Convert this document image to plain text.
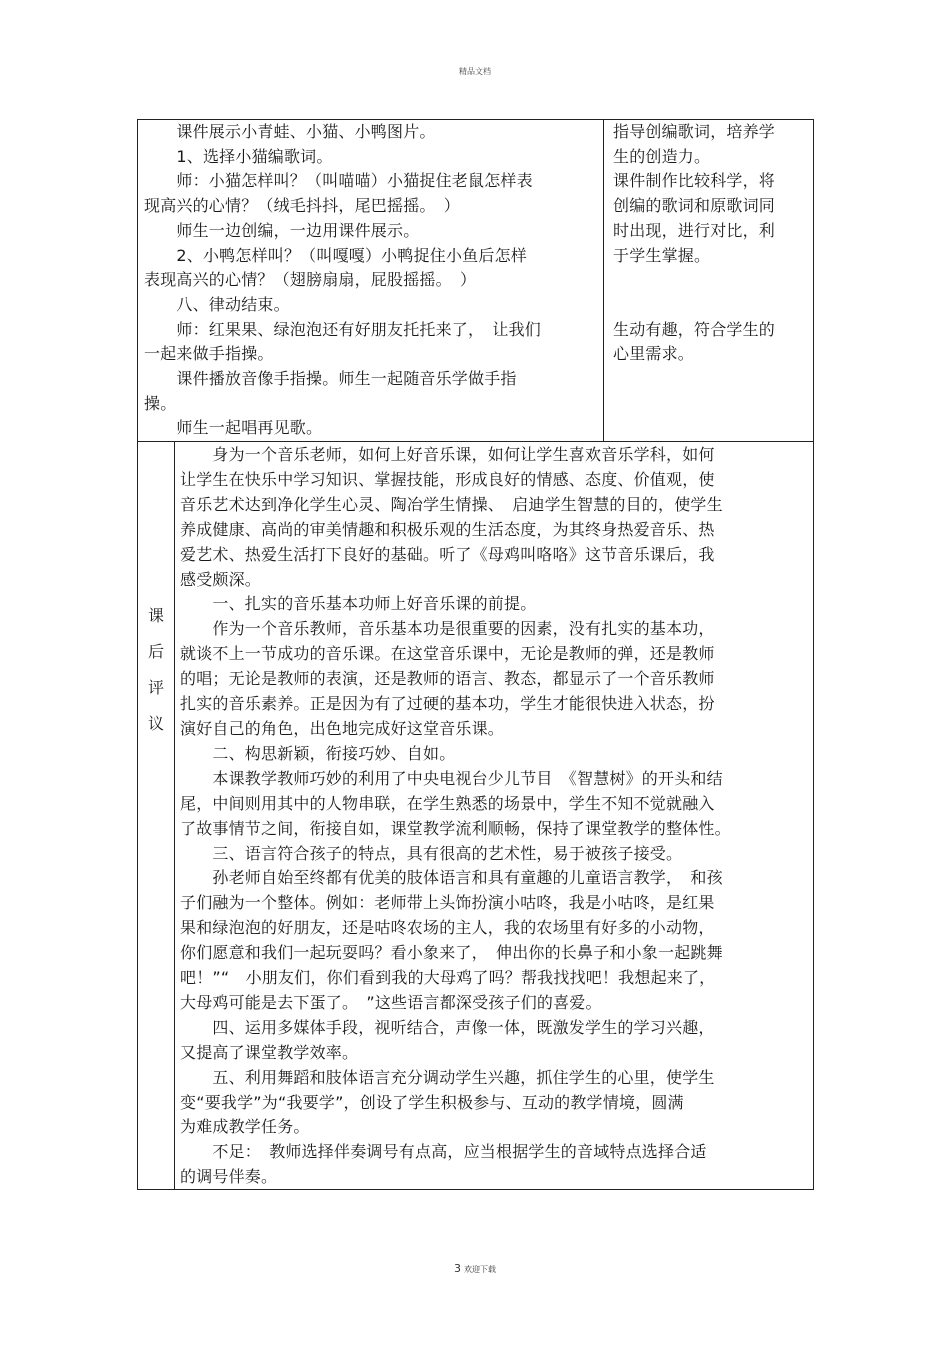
精品文档
　　课件展示小青蛙、小猫、小鸭图片。
　　1、选择小猫编歌词。
　　师：小猫怎样叫？（叫喵喵）小猫捉住老鼠怎样表
现高兴的心情？（绒毛抖抖，尾巴摇摇。　）
　　师生一边创编，一边用课件展示。
　　2、小鸭怎样叫？（叫嘎嘎）小鸭捉住小鱼后怎样
表现高兴的心情？（翅膀扇扇，屁股摇摇。　）
　　八、律动结束。
　　师：红果果、绿泡泡还有好朋友托托来了，　让我们
一起来做手指操。
　　课件播放音像手指操。师生一起随音乐学做手指
操。
　　师生一起唱再见歌。
指导创编歌词，培养学
生的创造力。
课件制作比较科学，将
创编的歌词和原歌词同
时出现，进行对比，利
于学生掌握。

生动有趣，符合学生的
心里需求。
课
后
评
议
　　身为一个音乐老师，如何上好音乐课，如何让学生喜欢音乐学科，如何
让学生在快乐中学习知识、掌握技能，形成良好的情感、态度、价值观，使
音乐艺术达到净化学生心灵、陶冶学生情操、　启迪学生智慧的目的，使学生
养成健康、高尚的审美情趣和积极乐观的生活态度，为其终身热爱音乐、热
爱艺术、热爱生活打下良好的基础。听了《母鸡叫咯咯》这节音乐课后，我
感受颇深。
　　一、扎实的音乐基本功师上好音乐课的前提。
　　作为一个音乐教师，音乐基本功是很重要的因素，没有扎实的基本功，
就谈不上一节成功的音乐课。在这堂音乐课中，无论是教师的弹，还是教师
的唱；无论是教师的表演，还是教师的语言、教态，都显示了一个音乐教师
扎实的音乐素养。正是因为有了过硬的基本功，学生才能很快进入状态，扮
演好自己的角色，出色地完成好这堂音乐课。
　　二、构思新颖，衔接巧妙、自如。
　　本课教学教师巧妙的利用了中央电视台少儿节目　《智慧树》的开头和结
尾，中间则用其中的人物串联，在学生熟悉的场景中，学生不知不觉就融入
了故事情节之间，衔接自如，课堂教学流利顺畅，保持了课堂教学的整体性。
　　三、语言符合孩子的特点，具有很高的艺术性，易于被孩子接受。
　　孙老师自始至终都有优美的肢体语言和具有童趣的儿童语言教学，　和孩
子们融为一个整体。例如：老师带上头饰扮演小咕咚，我是小咕咚，是红果
果和绿泡泡的好朋友，还是咕咚农场的主人，我的农场里有好多的小动物，
你们愿意和我们一起玩耍吗？看小象来了，　伸出你的长鼻子和小象一起跳舞
吧！”“　小朋友们，你们看到我的大母鸡了吗？帮我找找吧！我想起来了，
大母鸡可能是去下蛋了。　”这些语言都深受孩子们的喜爱。
　　四、运用多媒体手段，视听结合，声像一体，既激发学生的学习兴趣，
又提高了课堂教学效率。
　　五、利用舞蹈和肢体语言充分调动学生兴趣，抓住学生的心里，使学生
变“要我学”为“我要学”，创设了学生积极参与、互动的教学情境，圆满
为难成教学任务。
　　不足：　教师选择伴奏调号有点高，应当根据学生的音域特点选择合适
的调号伴奏。
3 欢迎下载
